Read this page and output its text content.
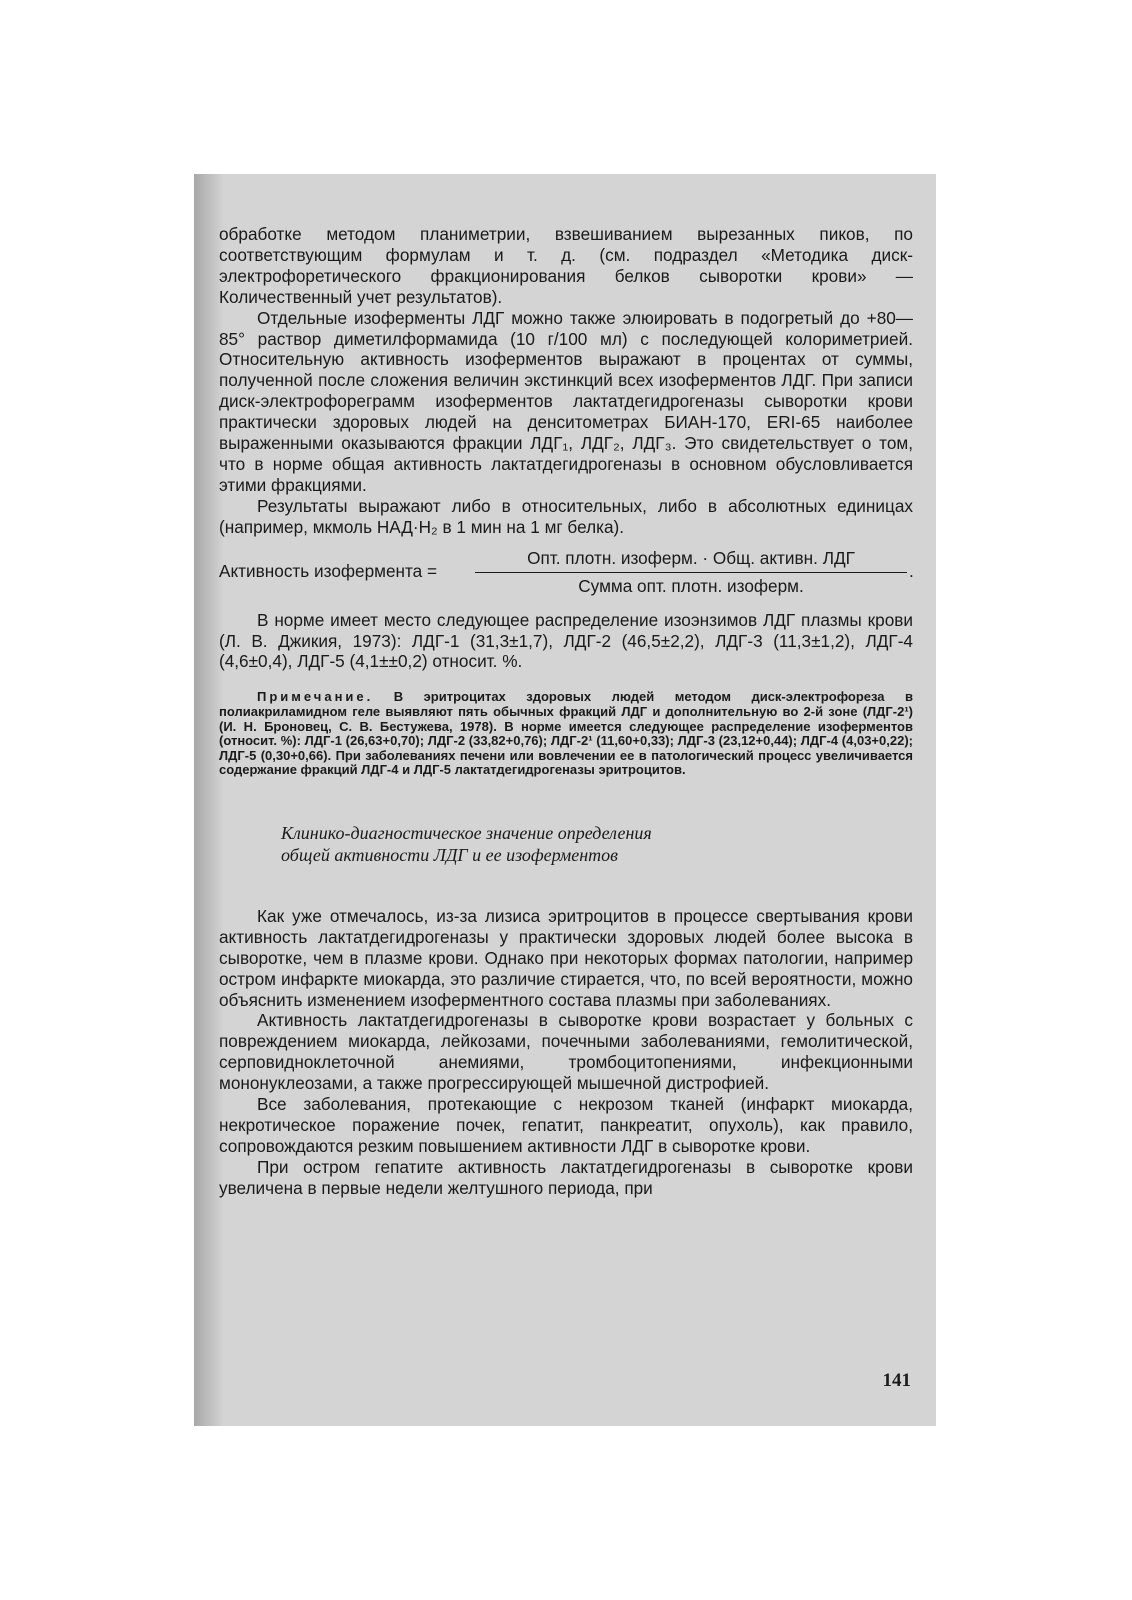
обработке методом планиметрии, взвешиванием вырезанных пиков, по соответствующим формулам и т. д. (см. подраздел «Методика диск-электрофоретического фракционирования белков сыворотки крови» — Количественный учет результатов).

Отдельные изоферменты ЛДГ можно также элюировать в подогретый до +80—85° раствор диметилформамида (10 г/100 мл) с последующей колориметрией. Относительную активность изоферментов выражают в процентах от суммы, полученной после сложения величин экстинкций всех изоферментов ЛДГ. При записи диск-электрофореграмм изоферментов лактатдегидрогеназы сыворотки крови практически здоровых людей на денситометрах БИАН-170, ERI-65 наиболее выраженными оказываются фракции ЛДГ₁, ЛДГ₂, ЛДГ₃. Это свидетельствует о том, что в норме общая активность лактатдегидрогеназы в основном обусловливается этими фракциями.

Результаты выражают либо в относительных, либо в абсолютных единицах (например, мкмоль НАД·Н₂ в 1 мин на 1 мг белка).

Активность изофермента =
Опт. плотн. изоферм. · Общ. активн. ЛДГ
Сумма опт. плотн. изоферм.
.

В норме имеет место следующее распределение изоэнзимов ЛДГ плазмы крови (Л. В. Джикия, 1973): ЛДГ-1 (31,3±1,7), ЛДГ-2 (46,5±2,2), ЛДГ-3 (11,3±1,2), ЛДГ-4 (4,6±0,4), ЛДГ-5 (4,1±±0,2) относит. %.

Примечание. В эритроцитах здоровых людей методом диск-электрофореза в полиакриламидном геле выявляют пять обычных фракций ЛДГ и дополнительную во 2-й зоне (ЛДГ-2¹) (И. Н. Броновец, С. В. Бестужева, 1978). В норме имеется следующее распределение изоферментов (относит. %): ЛДГ-1 (26,63+0,70); ЛДГ-2 (33,82+0,76); ЛДГ-2¹ (11,60+0,33); ЛДГ-3 (23,12+0,44); ЛДГ-4 (4,03+0,22); ЛДГ-5 (0,30+0,66). При заболеваниях печени или вовлечении ее в патологический процесс увеличивается содержание фракций ЛДГ-4 и ЛДГ-5 лактатдегидрогеназы эритроцитов.

Клинико-диагностическое значение определения
общей активности ЛДГ и ее изоферментов

Как уже отмечалось, из-за лизиса эритроцитов в процессе свертывания крови активность лактатдегидрогеназы у практически здоровых людей более высока в сыворотке, чем в плазме крови. Однако при некоторых формах патологии, например остром инфаркте миокарда, это различие стирается, что, по всей вероятности, можно объяснить изменением изоферментного состава плазмы при заболеваниях.

Активность лактатдегидрогеназы в сыворотке крови возрастает у больных с повреждением миокарда, лейкозами, почечными заболеваниями, гемолитической, серповидноклеточной анемиями, тромбоцитопениями, инфекционными мононуклеозами, а также прогрессирующей мышечной дистрофией.

Все заболевания, протекающие с некрозом тканей (инфаркт миокарда, некротическое поражение почек, гепатит, панкреатит, опухоль), как правило, сопровождаются резким повышением активности ЛДГ в сыворотке крови.

При остром гепатите активность лактатдегидрогеназы в сыворотке крови увеличена в первые недели желтушного периода, при

141
